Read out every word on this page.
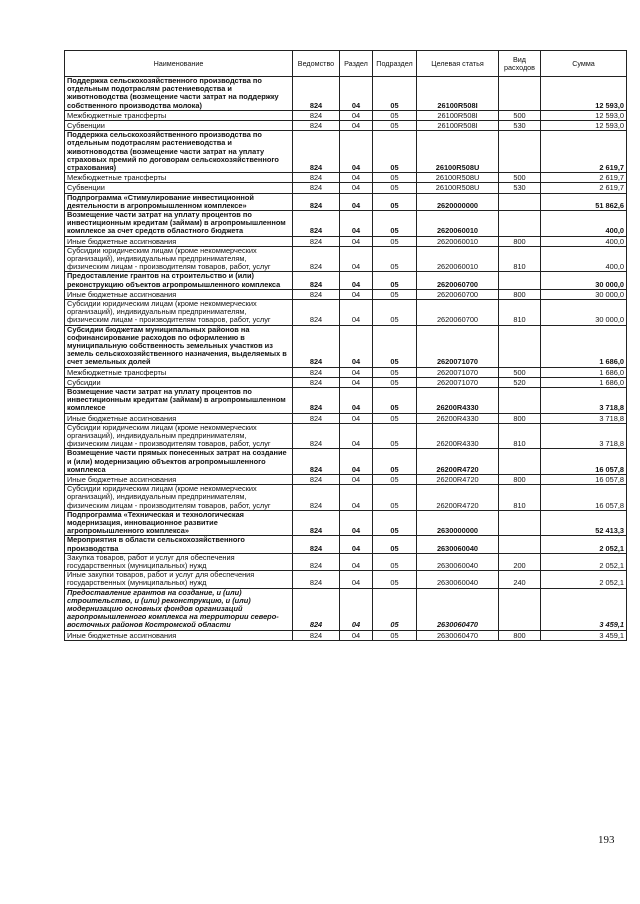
Наименование	Ведомство	Раздел	Подраздел	Целевая статья	Вид расходов	Сумма
Поддержка сельскохозяйственного производства по отдельным подотраслям растениеводства и животноводства (возмещение части затрат на поддержку собственного производства молока)	824	04	05	26100R508I		12 593,0
Межбюджетные трансферты	824	04	05	26100R508I	500	12 593,0
Субвенции	824	04	05	26100R508I	530	12 593,0
Поддержка сельскохозяйственного производства по отдельным подотраслям растениеводства и животноводства (возмещение части затрат на уплату страховых премий по договорам сельскохозяйственного страхования)	824	04	05	26100R508U		2 619,7
Межбюджетные трансферты	824	04	05	26100R508U	500	2 619,7
Субвенции	824	04	05	26100R508U	530	2 619,7
Подпрограмма «Стимулирование инвестиционной деятельности в агропромышленном комплексе»	824	04	05	2620000000		51 862,6
Возмещение части затрат на уплату процентов по инвестиционным кредитам (займам) в агропромышленном комплексе за счет средств областного бюджета	824	04	05	2620060010		400,0
Иные бюджетные ассигнования	824	04	05	2620060010	800	400,0
Субсидии юридическим лицам (кроме некоммерческих организаций), индивидуальным предпринимателям, физическим лицам - производителям товаров, работ, услуг	824	04	05	2620060010	810	400,0
Предоставление грантов на строительство и (или) реконструкцию объектов агропромышленного комплекса	824	04	05	2620060700		30 000,0
Иные бюджетные ассигнования	824	04	05	2620060700	800	30 000,0
Субсидии юридическим лицам (кроме некоммерческих организаций), индивидуальным предпринимателям, физическим лицам - производителям товаров, работ, услуг	824	04	05	2620060700	810	30 000,0
Субсидии бюджетам муниципальных районов на софинансирование расходов по оформлению в муниципальную собственность земельных участков из земель сельскохозяйственного назначения, выделяемых в счет земельных долей	824	04	05	2620071070		1 686,0
Межбюджетные трансферты	824	04	05	2620071070	500	1 686,0
Субсидии	824	04	05	2620071070	520	1 686,0
Возмещение части затрат на уплату процентов по инвестиционным кредитам (займам) в агропромышленном комплексе	824	04	05	26200R4330		3 718,8
Иные бюджетные ассигнования	824	04	05	26200R4330	800	3 718,8
Субсидии юридическим лицам (кроме некоммерческих организаций), индивидуальным предпринимателям, физическим лицам - производителям товаров, работ, услуг	824	04	05	26200R4330	810	3 718,8
Возмещение части прямых понесенных затрат на создание и (или) модернизацию объектов агропромышленного комплекса	824	04	05	26200R4720		16 057,8
Иные бюджетные ассигнования	824	04	05	26200R4720	800	16 057,8
Субсидии юридическим лицам (кроме некоммерческих организаций), индивидуальным предпринимателям, физическим лицам - производителям товаров, работ, услуг	824	04	05	26200R4720	810	16 057,8
Подпрограмма «Техническая и технологическая модернизация, инновационное развитие агропромышленного комплекса»	824	04	05	2630000000		52 413,3
Мероприятия в области сельскохозяйственного производства	824	04	05	2630060040		2 052,1
Закупка товаров, работ и услуг для обеспечения государственных (муниципальных) нужд	824	04	05	2630060040	200	2 052,1
Иные закупки товаров, работ и услуг для обеспечения государственных (муниципальных) нужд	824	04	05	2630060040	240	2 052,1
Предоставление грантов на создание, и (или) строительство, и (или) реконструкцию, и (или) модернизацию основных фондов организаций агропромышленного комплекса на территории северо-восточных районов Костромской области	824	04	05	2630060470		3 459,1
Иные бюджетные ассигнования	824	04	05	2630060470	800	3 459,1
193
